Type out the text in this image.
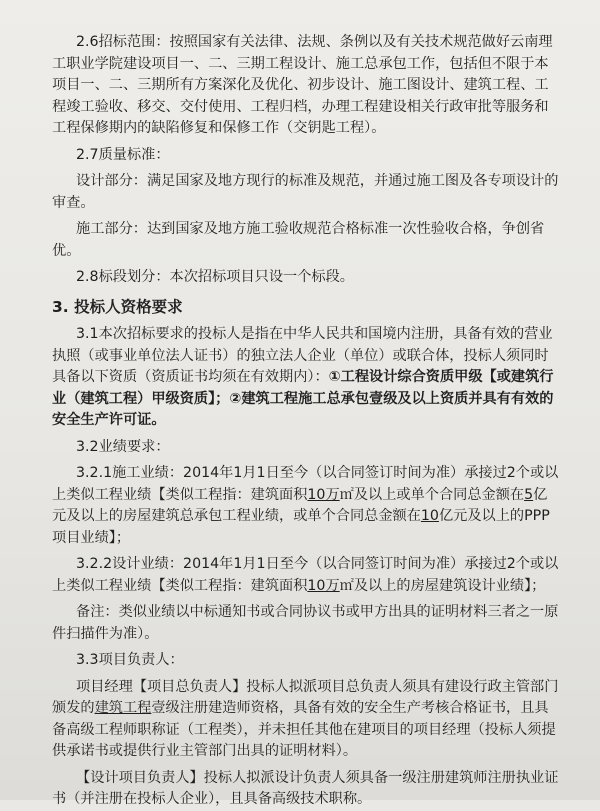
2.6招标范围：按照国家有关法律、法规、条例以及有关技术规范做好云南理工职业学院建设项目一、二、三期工程设计、施工总承包工作，包括但不限于本项目一、二、三期所有方案深化及优化、初步设计、施工图设计、建筑工程、工程竣工验收、移交、交付使用、工程归档，办理工程建设相关行政审批等服务和工程保修期内的缺陷修复和保修工作（交钥匙工程）。

2.7质量标准：

设计部分：满足国家及地方现行的标准及规范，并通过施工图及各专项设计的审查。

施工部分：达到国家及地方施工验收规范合格标准一次性验收合格，争创省优。

2.8标段划分：本次招标项目只设一个标段。

3. 投标人资格要求

3.1本次招标要求的投标人是指在中华人民共和国境内注册，具备有效的营业执照（或事业单位法人证书）的独立法人企业（单位）或联合体，投标人须同时具备以下资质（资质证书均须在有效期内）：①工程设计综合资质甲级【或建筑行业（建筑工程）甲级资质】；②建筑工程施工总承包壹级及以上资质并具有有效的安全生产许可证。

3.2业绩要求：

3.2.1施工业绩：2014年1月1日至今（以合同签订时间为准）承接过2个或以上类似工程业绩【类似工程指：建筑面积10万㎡及以上或单个合同总金额在5亿元及以上的房屋建筑总承包工程业绩，或单个合同总金额在10亿元及以上的PPP项目业绩】；

3.2.2设计业绩：2014年1月1日至今（以合同签订时间为准）承接过2个或以上类似工程业绩【类似工程指：建筑面积10万㎡及以上的房屋建筑设计业绩】；

备注：类似业绩以中标通知书或合同协议书或甲方出具的证明材料三者之一原件扫描件为准）。

3.3项目负责人：

项目经理【项目总负责人】投标人拟派项目总负责人须具有建设行政主管部门颁发的建筑工程壹级注册建造师资格，具备有效的安全生产考核合格证书，且具备高级工程师职称证（工程类），并未担任其他在建项目的项目经理（投标人须提供承诺书或提供行业主管部门出具的证明材料）。

【设计项目负责人】投标人拟派设计负责人须具备一级注册建筑师注册执业证书（并注册在投标人企业），且具备高级技术职称。
